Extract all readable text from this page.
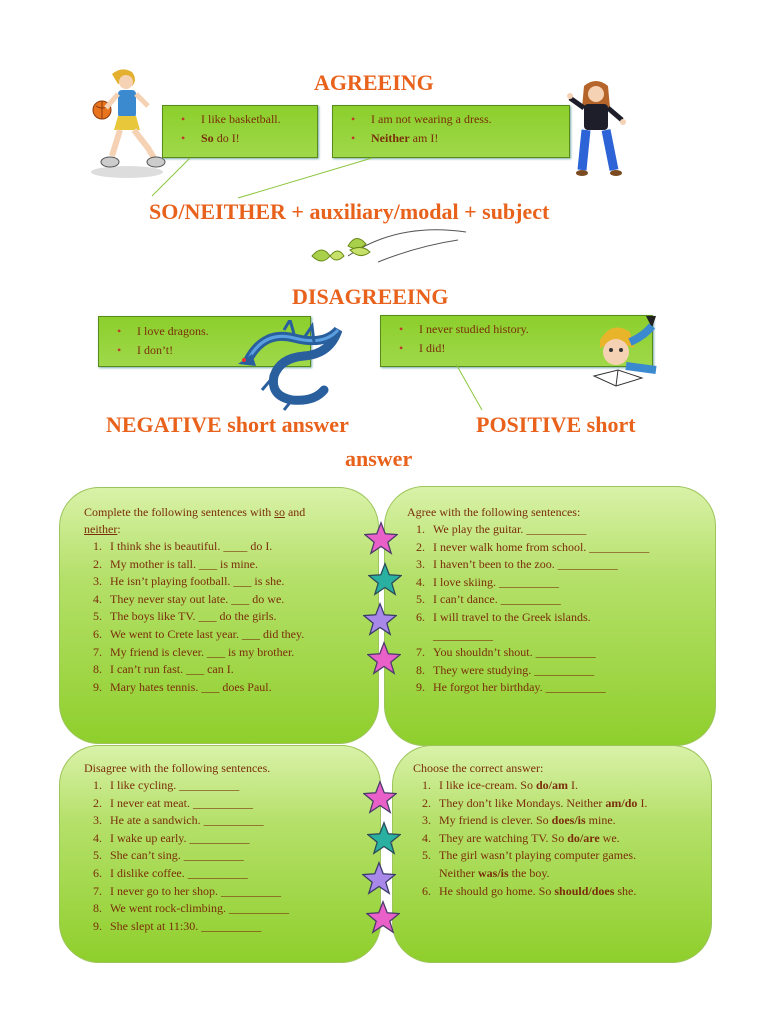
AGREEING
• I like basketball.
• So do I!
• I am not wearing a dress.
• Neither am I!
SO/NEITHER + auxiliary/modal + subject
DISAGREEING
• I love dragons.
• I don’t!
• I never studied history.
• I did!
NEGATIVE short answer	POSITIVE short
answer

Complete the following sentences with so and
neither:

1. I think she is beautiful. ____ do I.
2. My mother is tall. ___ is mine.
3. He isn’t playing football. ___ is she.
4. They never stay out late. ___ do we.
5. The boys like TV. ___ do the girls.
6. We went to Crete last year. ___ did they.
7. My friend is clever. ___ is my brother.
8. I can’t run fast. ___ can I.
9. Mary hates tennis. ___ does Paul.

Agree with the following sentences:

1. We play the guitar. __________
2. I never walk home from school. __________
3. I haven’t been to the zoo. __________
4. I love skiing. __________
5. I can’t dance. __________
6. I will travel to the Greek islands.
__________
7. You shouldn’t shout. __________
8. They were studying. __________
9. He forgot her birthday. __________

Disagree with the following sentences.

1. I like cycling. __________
2. I never eat meat. __________
3. He ate a sandwich. __________
4. I wake up early. __________
5. She can’t sing. __________
6. I dislike coffee. __________
7. I never go to her shop. __________
8. We went rock-climbing. __________
9. She slept at 11:30. __________

Choose the correct answer:

1. I like ice-cream. So do/am I.
2. They don’t like Mondays. Neither am/do I.
3. My friend is clever. So does/is mine.
4. They are watching TV. So do/are we.
5. The girl wasn’t playing computer games.
Neither was/is the boy.
6. He should go home. So should/does she.
